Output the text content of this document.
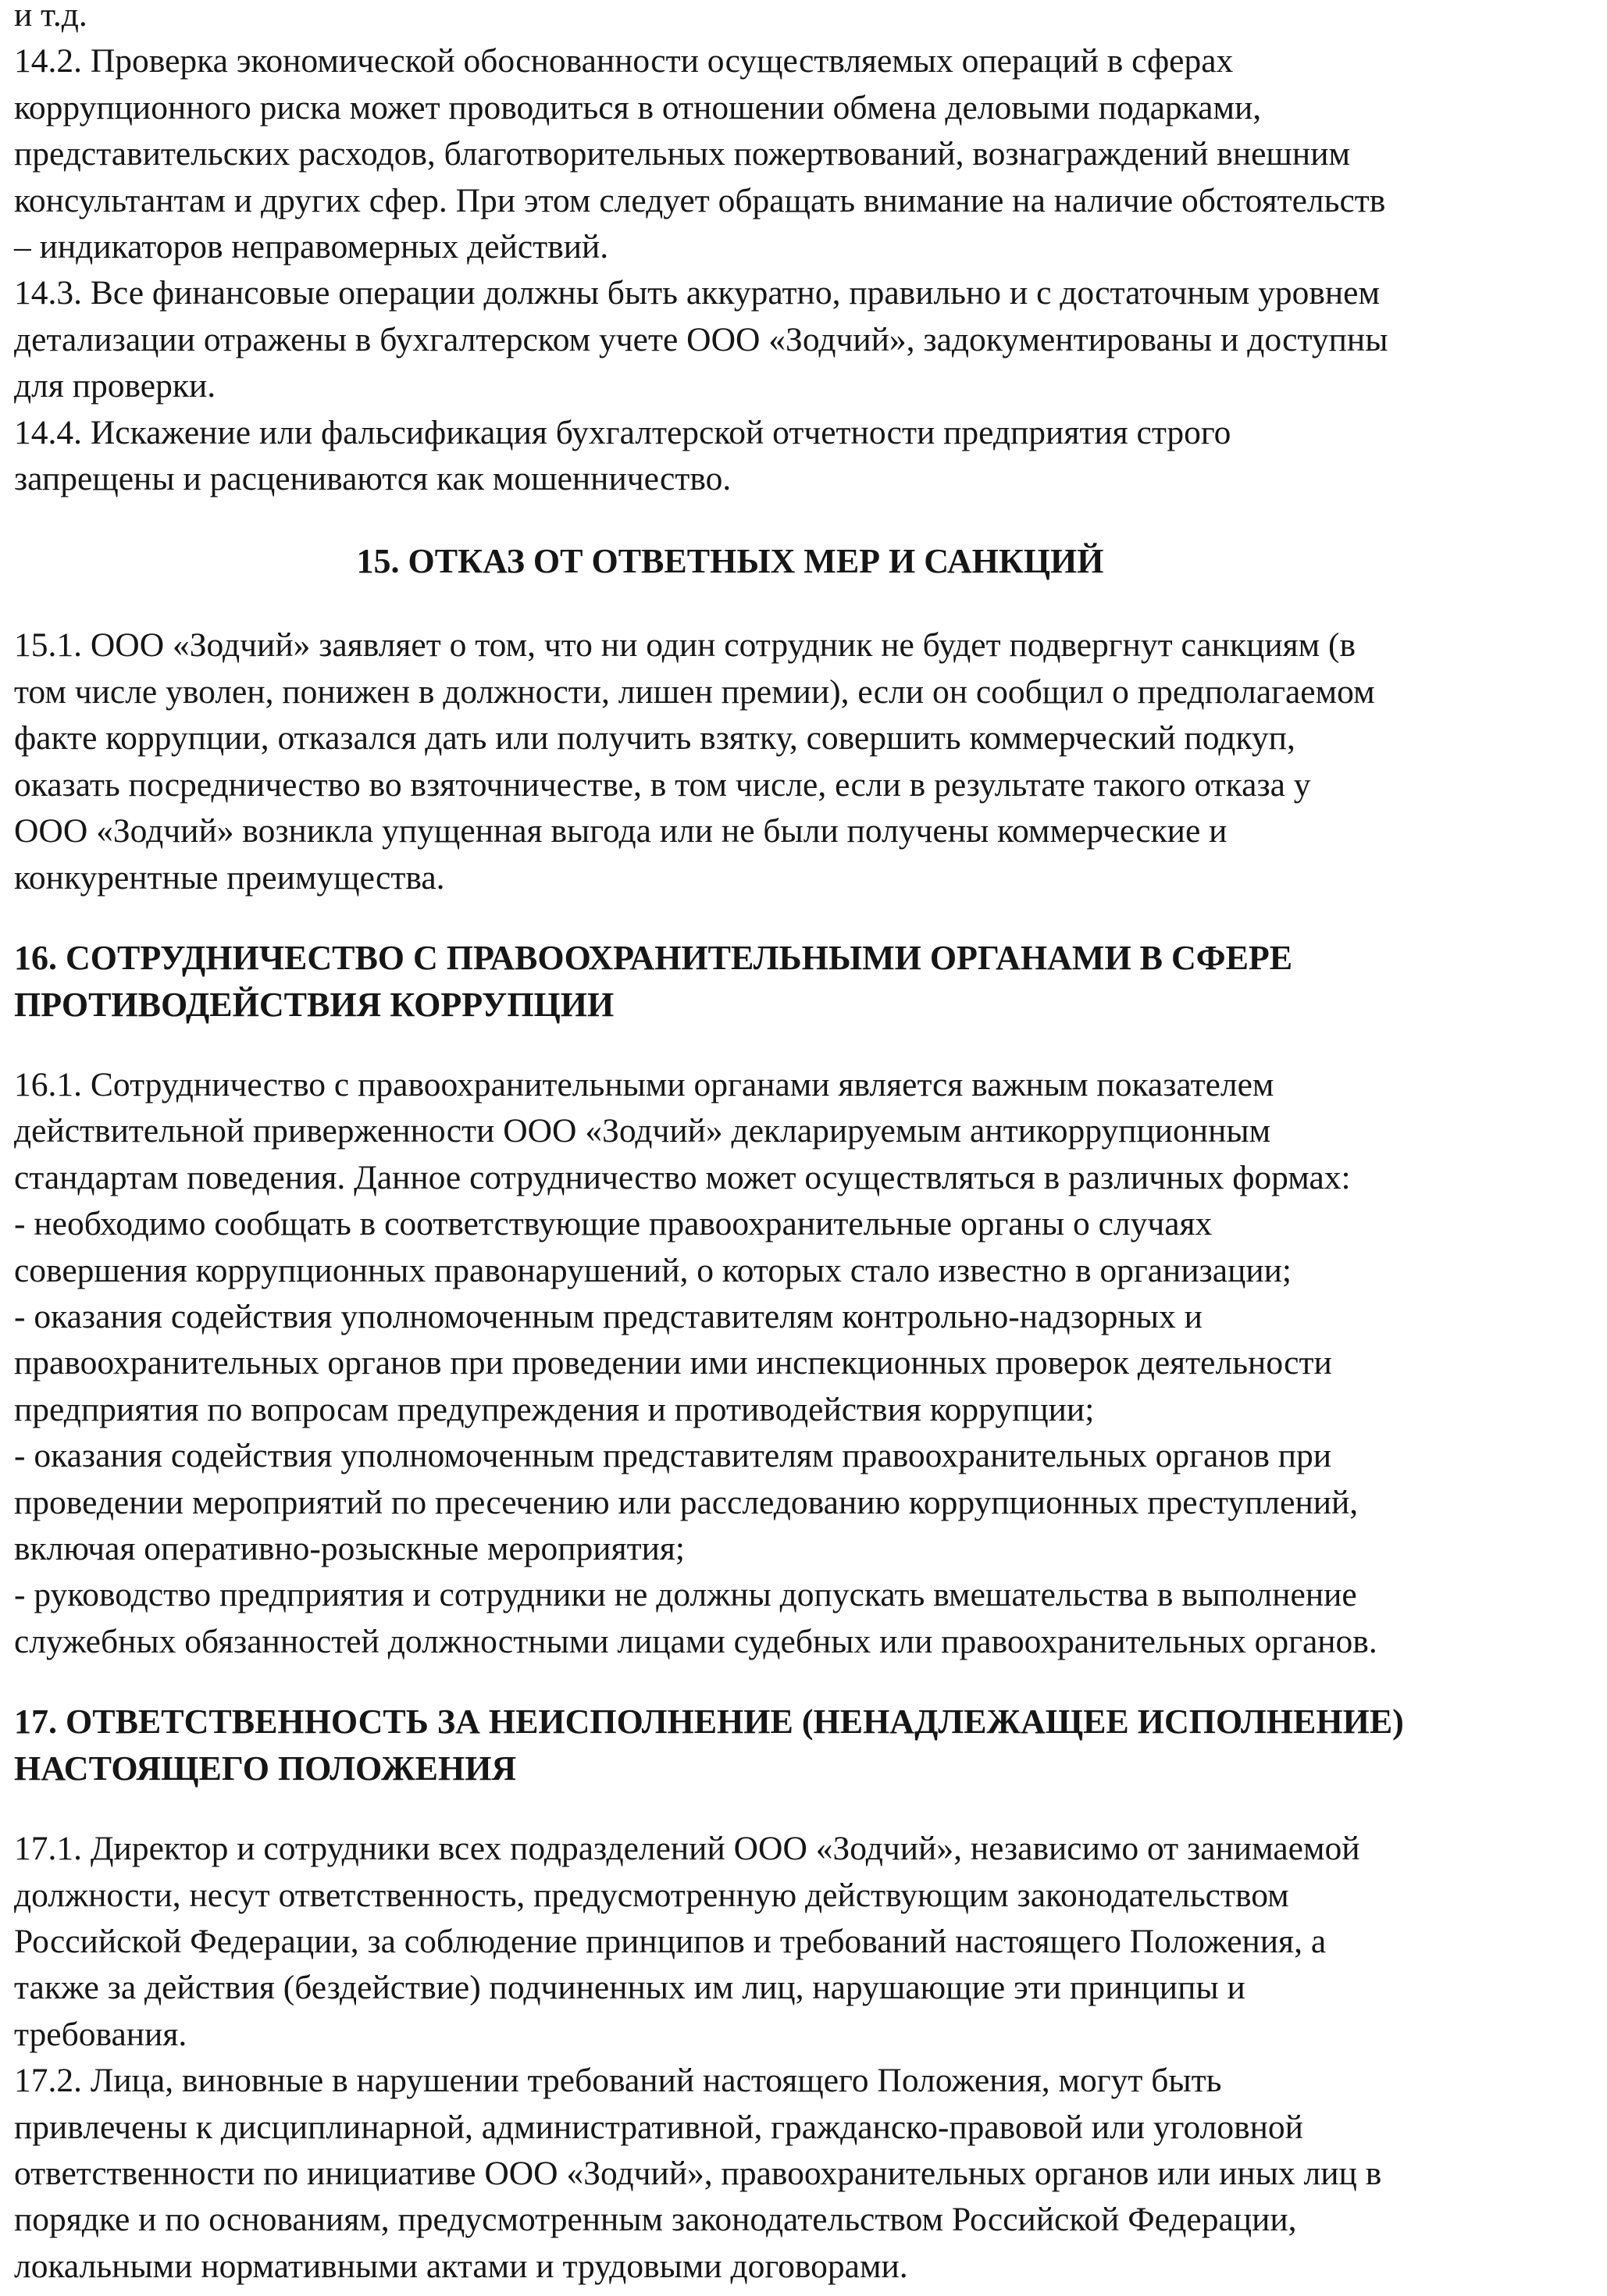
и т.д.

14.2. Проверка экономической обоснованности осуществляемых операций в сферах

коррупционного риска может проводиться в отношении обмена деловыми подарками,

представительских расходов, благотворительных пожертвований, вознаграждений внешним

консультантам и других сфер. При этом следует обращать внимание на наличие обстоятельств

– индикаторов неправомерных действий.

14.3. Все финансовые операции должны быть аккуратно, правильно и с достаточным уровнем

детализации отражены в бухгалтерском учете ООО «Зодчий», задокументированы и доступны

для проверки.

14.4. Искажение или фальсификация бухгалтерской отчетности предприятия строго

запрещены и расцениваются как мошенничество.

15. ОТКАЗ ОТ ОТВЕТНЫХ МЕР И САНКЦИЙ

15.1. ООО «Зодчий» заявляет о том, что ни один сотрудник не будет подвергнут санкциям (в

том числе уволен, понижен в должности, лишен премии), если он сообщил о предполагаемом

факте коррупции, отказался дать или получить взятку, совершить коммерческий подкуп,

оказать посредничество во взяточничестве, в том числе, если в результате такого отказа у

ООО «Зодчий» возникла упущенная выгода или не были получены коммерческие и

конкурентные преимущества.

16. СОТРУДНИЧЕСТВО С ПРАВООХРАНИТЕЛЬНЫМИ ОРГАНАМИ В СФЕРЕ

ПРОТИВОДЕЙСТВИЯ КОРРУПЦИИ

16.1. Сотрудничество с правоохранительными органами является важным показателем

действительной приверженности ООО «Зодчий» декларируемым антикоррупционным

стандартам поведения. Данное сотрудничество может осуществляться в различных формах:

- необходимо сообщать в соответствующие правоохранительные органы о случаях

совершения коррупционных правонарушений, о которых стало известно в организации;

- оказания содействия уполномоченным представителям контрольно-надзорных и

правоохранительных органов при проведении ими инспекционных проверок деятельности

предприятия по вопросам предупреждения и противодействия коррупции;

- оказания содействия уполномоченным представителям правоохранительных органов при

проведении мероприятий по пресечению или расследованию коррупционных преступлений,

включая оперативно-розыскные мероприятия;

- руководство предприятия и сотрудники не должны допускать вмешательства в выполнение

служебных обязанностей должностными лицами судебных или правоохранительных органов.

17. ОТВЕТСТВЕННОСТЬ ЗА НЕИСПОЛНЕНИЕ (НЕНАДЛЕЖАЩЕЕ ИСПОЛНЕНИЕ)

НАСТОЯЩЕГО ПОЛОЖЕНИЯ

17.1. Директор и сотрудники всех подразделений ООО «Зодчий», независимо от занимаемой

должности, несут ответственность, предусмотренную действующим законодательством

Российской Федерации, за соблюдение принципов и требований настоящего Положения, а

также за действия (бездействие) подчиненных им лиц, нарушающие эти принципы и

требования.

17.2. Лица, виновные в нарушении требований настоящего Положения, могут быть

привлечены к дисциплинарной, административной, гражданско-правовой или уголовной

ответственности по инициативе ООО «Зодчий», правоохранительных органов или иных лиц в

порядке и по основаниям, предусмотренным законодательством Российской Федерации,

локальными нормативными актами и трудовыми договорами.
